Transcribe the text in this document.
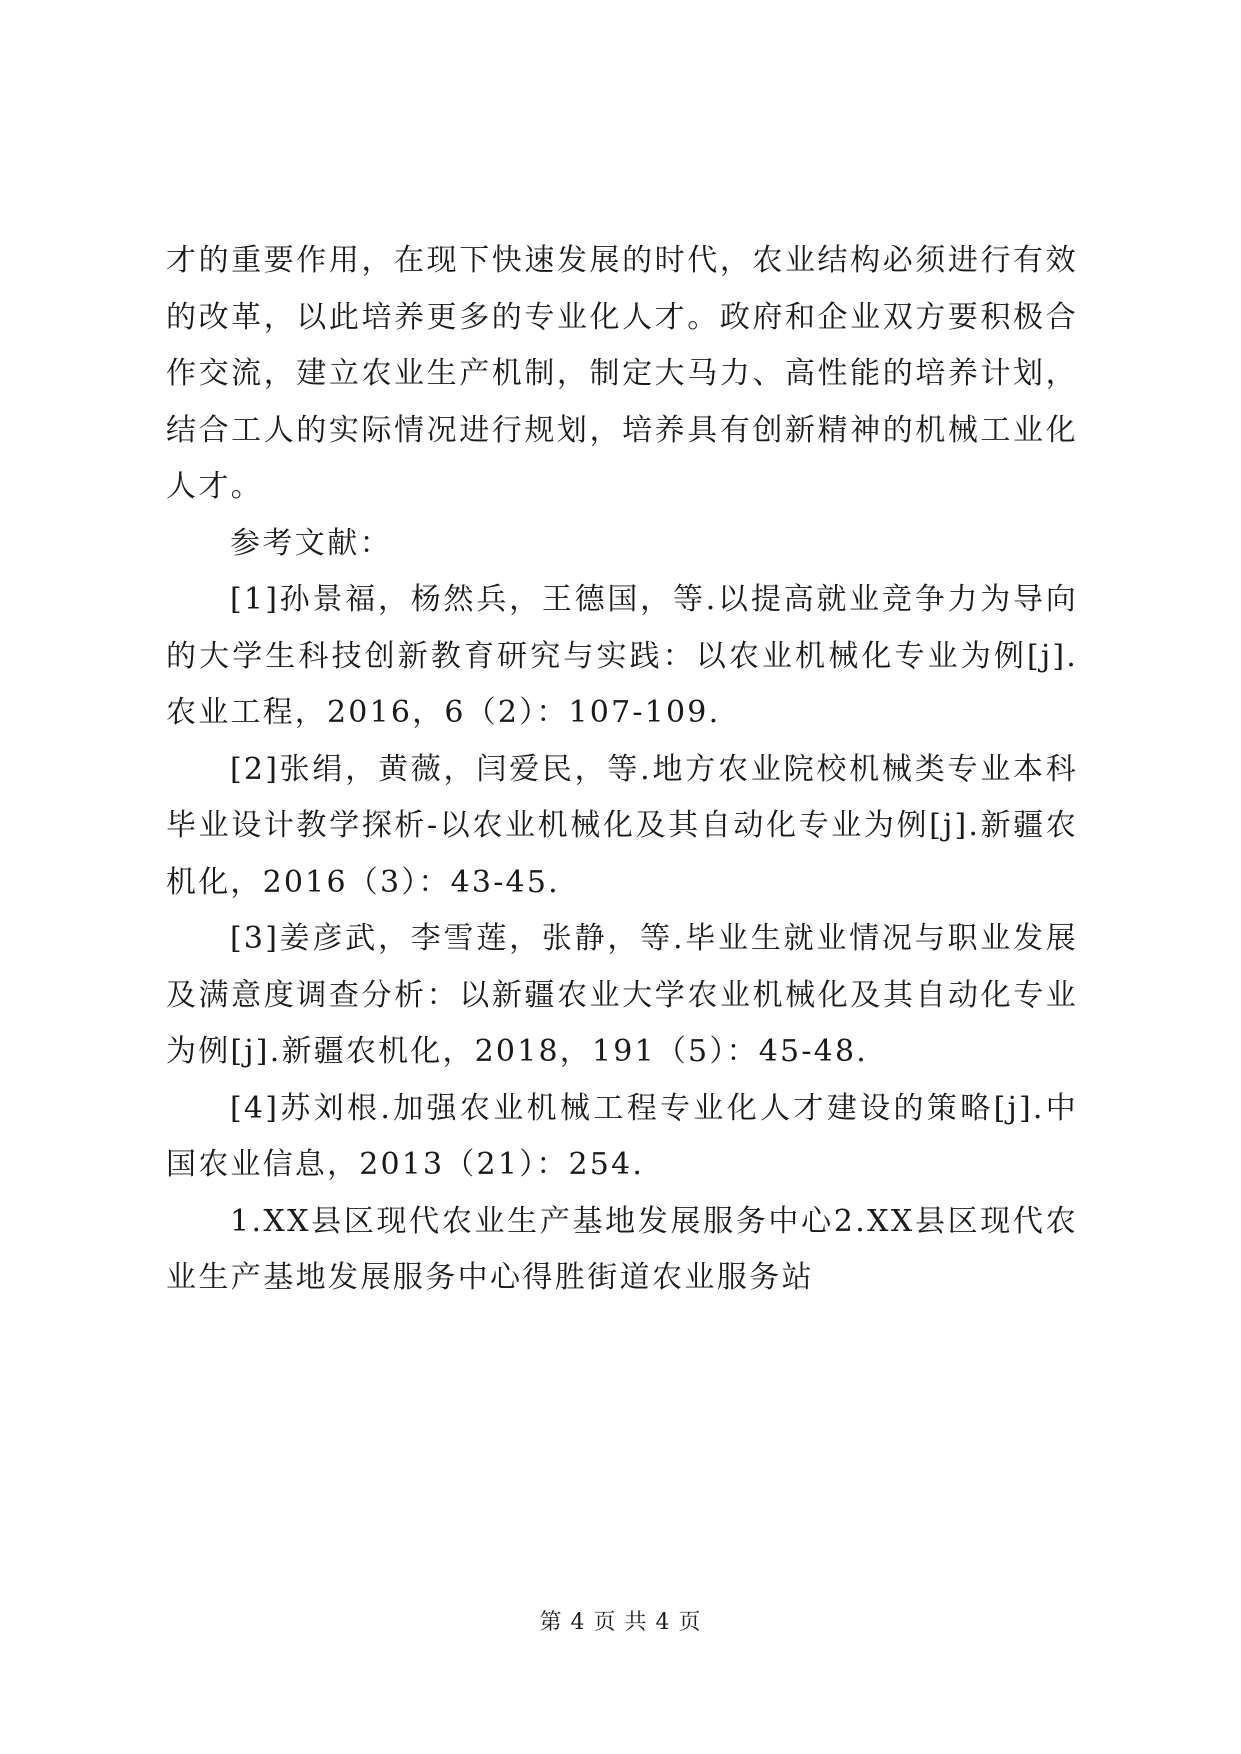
才的重要作用，在现下快速发展的时代，农业结构必须进行有效的改革，以此培养更多的专业化人才。政府和企业双方要积极合作交流，建立农业生产机制，制定大马力、高性能的培养计划，结合工人的实际情况进行规划，培养具有创新精神的机械工业化人才。

参考文献：

[1]孙景福，杨然兵，王德国，等.以提高就业竞争力为导向的大学生科技创新教育研究与实践：以农业机械化专业为例[j].农业工程，2016，6（2）：107-109.

[2]张绢，黄薇，闫爱民，等.地方农业院校机械类专业本科毕业设计教学探析-以农业机械化及其自动化专业为例[j].新疆农机化，2016（3）：43-45.

[3]姜彦武，李雪莲，张静，等.毕业生就业情况与职业发展及满意度调查分析：以新疆农业大学农业机械化及其自动化专业为例[j].新疆农机化，2018，191（5）：45-48.

[4]苏刘根.加强农业机械工程专业化人才建设的策略[j].中国农业信息，2013（21）：254.

1.XX县区现代农业生产基地发展服务中心2.XX县区现代农业生产基地发展服务中心得胜街道农业服务站

第 4 页 共 4 页
